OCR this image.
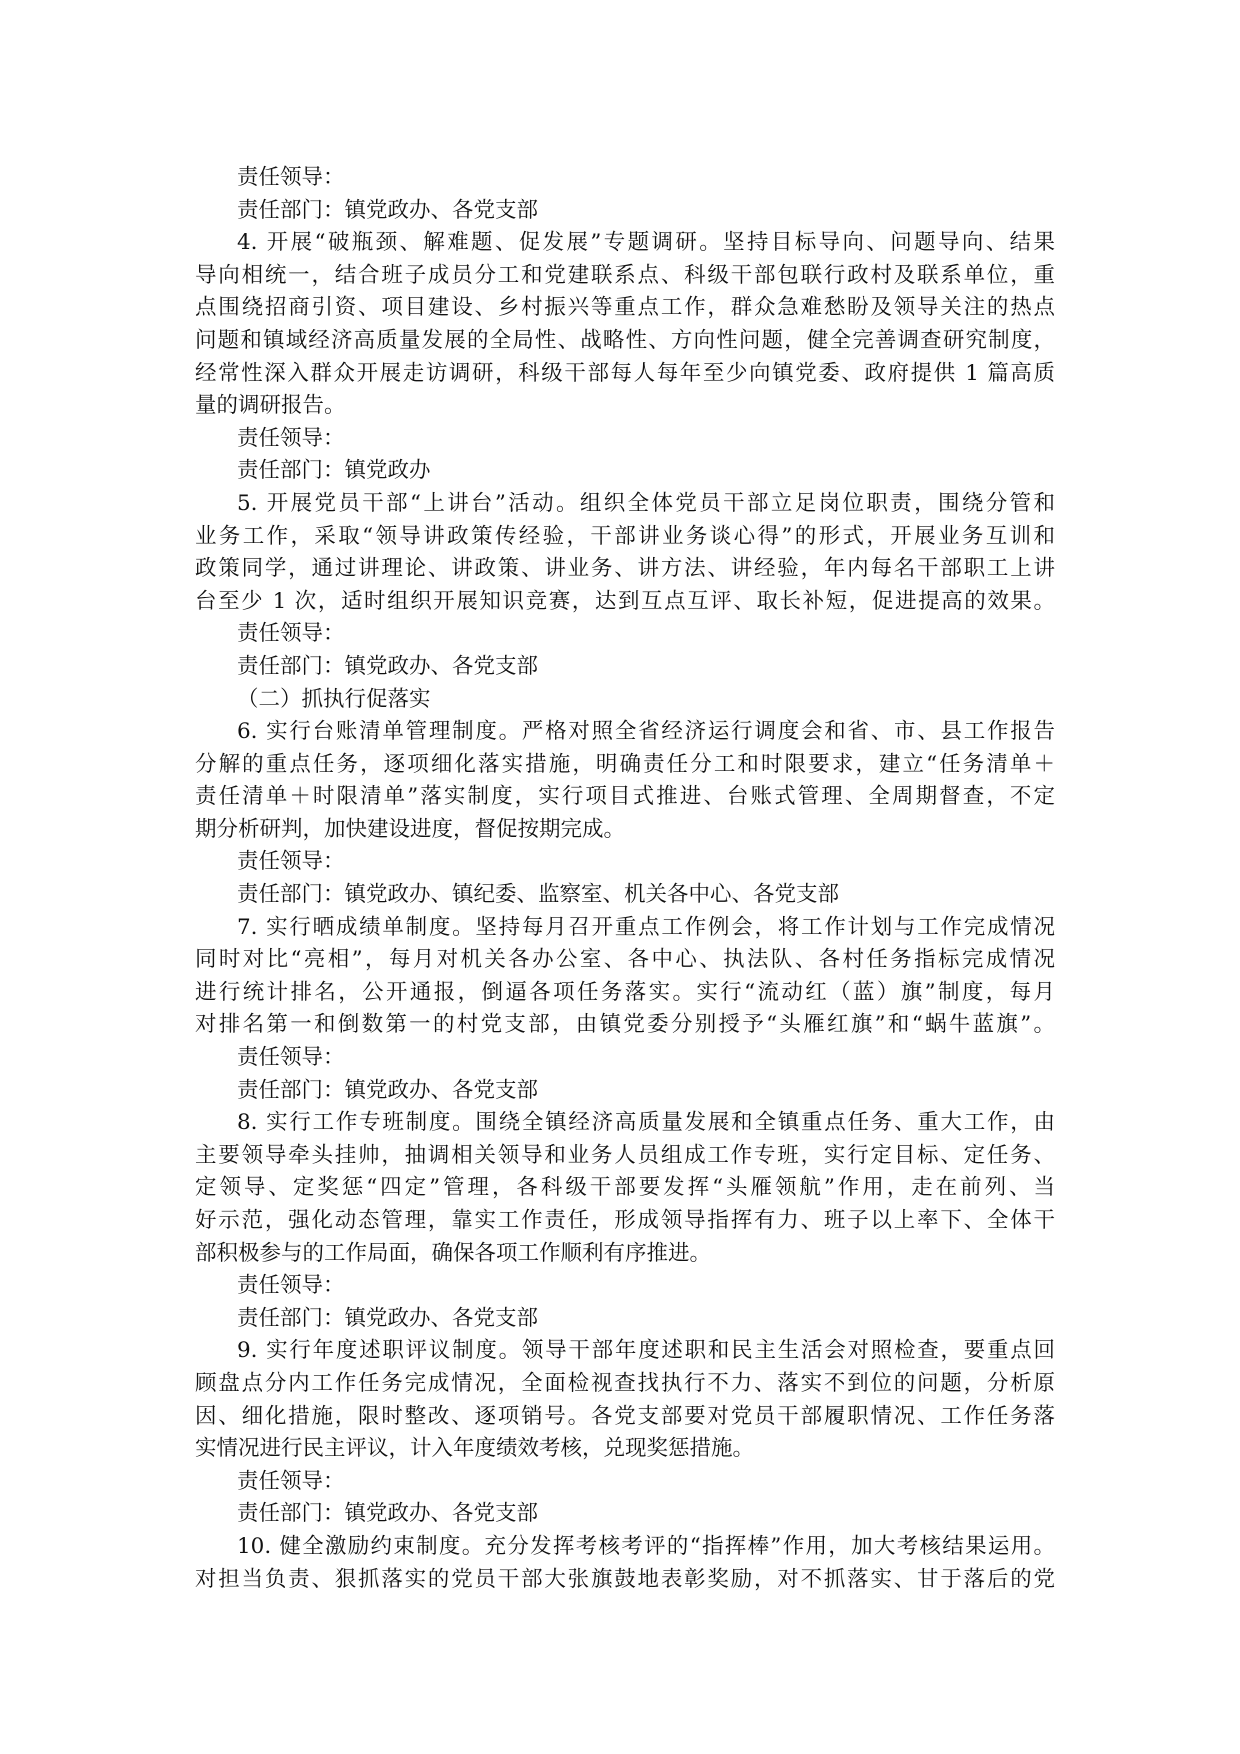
责任领导：
责任部门：镇党政办、各党支部
4. 开展“破瓶颈、解难题、促发展”专题调研。坚持目标导向、问题导向、结果
导向相统一，结合班子成员分工和党建联系点、科级干部包联行政村及联系单位，重
点围绕招商引资、项目建设、乡村振兴等重点工作，群众急难愁盼及领导关注的热点
问题和镇域经济高质量发展的全局性、战略性、方向性问题，健全完善调查研究制度，
经常性深入群众开展走访调研，科级干部每人每年至少向镇党委、政府提供 1 篇高质
量的调研报告。
责任领导：
责任部门：镇党政办
5. 开展党员干部“上讲台”活动。组织全体党员干部立足岗位职责，围绕分管和
业务工作，采取“领导讲政策传经验，干部讲业务谈心得”的形式，开展业务互训和
政策同学，通过讲理论、讲政策、讲业务、讲方法、讲经验，年内每名干部职工上讲
台至少 1 次，适时组织开展知识竞赛，达到互点互评、取长补短，促进提高的效果。
责任领导：
责任部门：镇党政办、各党支部
（二）抓执行促落实
6. 实行台账清单管理制度。严格对照全省经济运行调度会和省、市、县工作报告
分解的重点任务，逐项细化落实措施，明确责任分工和时限要求，建立“任务清单＋
责任清单＋时限清单”落实制度，实行项目式推进、台账式管理、全周期督查，不定
期分析研判，加快建设进度，督促按期完成。
责任领导：
责任部门：镇党政办、镇纪委、监察室、机关各中心、各党支部
7. 实行晒成绩单制度。坚持每月召开重点工作例会，将工作计划与工作完成情况
同时对比“亮相”，每月对机关各办公室、各中心、执法队、各村任务指标完成情况
进行统计排名，公开通报，倒逼各项任务落实。实行“流动红（蓝）旗”制度，每月
对排名第一和倒数第一的村党支部，由镇党委分别授予“头雁红旗”和“蜗牛蓝旗”。
责任领导：
责任部门：镇党政办、各党支部
8. 实行工作专班制度。围绕全镇经济高质量发展和全镇重点任务、重大工作，由
主要领导牵头挂帅，抽调相关领导和业务人员组成工作专班，实行定目标、定任务、
定领导、定奖惩“四定”管理，各科级干部要发挥“头雁领航”作用，走在前列、当
好示范，强化动态管理，靠实工作责任，形成领导指挥有力、班子以上率下、全体干
部积极参与的工作局面，确保各项工作顺利有序推进。
责任领导：
责任部门：镇党政办、各党支部
9. 实行年度述职评议制度。领导干部年度述职和民主生活会对照检查，要重点回
顾盘点分内工作任务完成情况，全面检视查找执行不力、落实不到位的问题，分析原
因、细化措施，限时整改、逐项销号。各党支部要对党员干部履职情况、工作任务落
实情况进行民主评议，计入年度绩效考核，兑现奖惩措施。
责任领导：
责任部门：镇党政办、各党支部
10. 健全激励约束制度。充分发挥考核考评的“指挥棒”作用，加大考核结果运用。
对担当负责、狠抓落实的党员干部大张旗鼓地表彰奖励，对不抓落实、甘于落后的党
